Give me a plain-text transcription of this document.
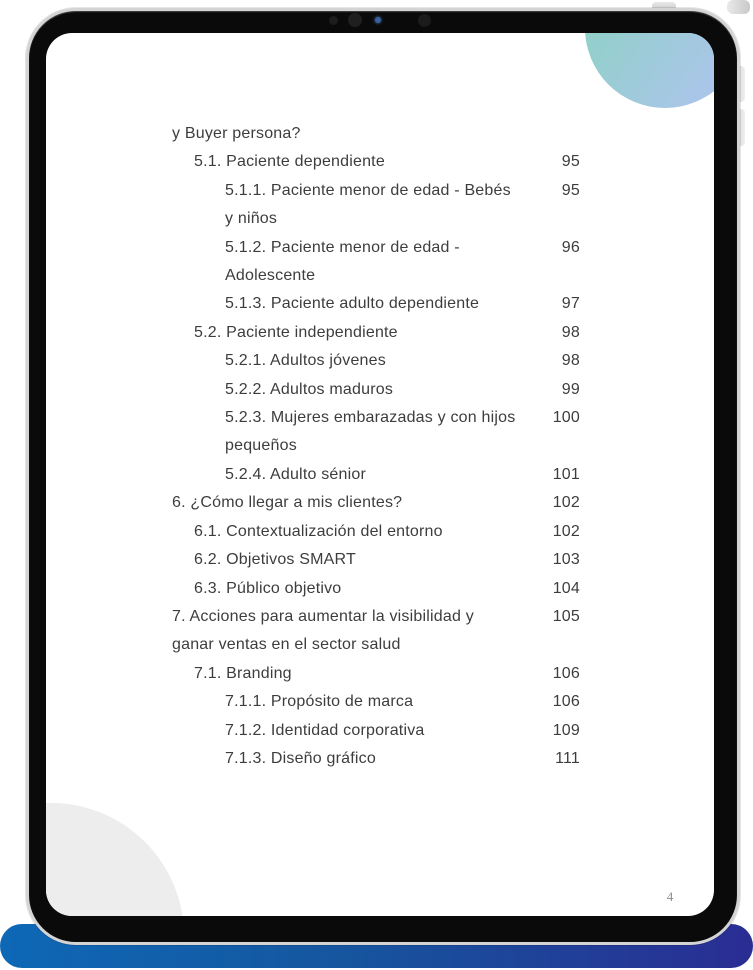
y Buyer persona?
5.1. Paciente dependiente	95
5.1.1. Paciente menor de edad - Bebés	95
y niños
5.1.2. Paciente menor de edad -	96
Adolescente
5.1.3. Paciente adulto dependiente	97
5.2. Paciente independiente	98
5.2.1. Adultos jóvenes	98
5.2.2. Adultos maduros	99
5.2.3. Mujeres embarazadas y con hijos	100
pequeños
5.2.4. Adulto sénior	101
6. ¿Cómo llegar a mis clientes?	102
6.1. Contextualización del entorno	102
6.2. Objetivos SMART	103
6.3. Público objetivo	104
7. Acciones para aumentar la visibilidad y	105
ganar ventas en el sector salud
7.1. Branding	106
7.1.1. Propósito de marca	106
7.1.2. Identidad corporativa	109
7.1.3. Diseño gráfico	111
4
